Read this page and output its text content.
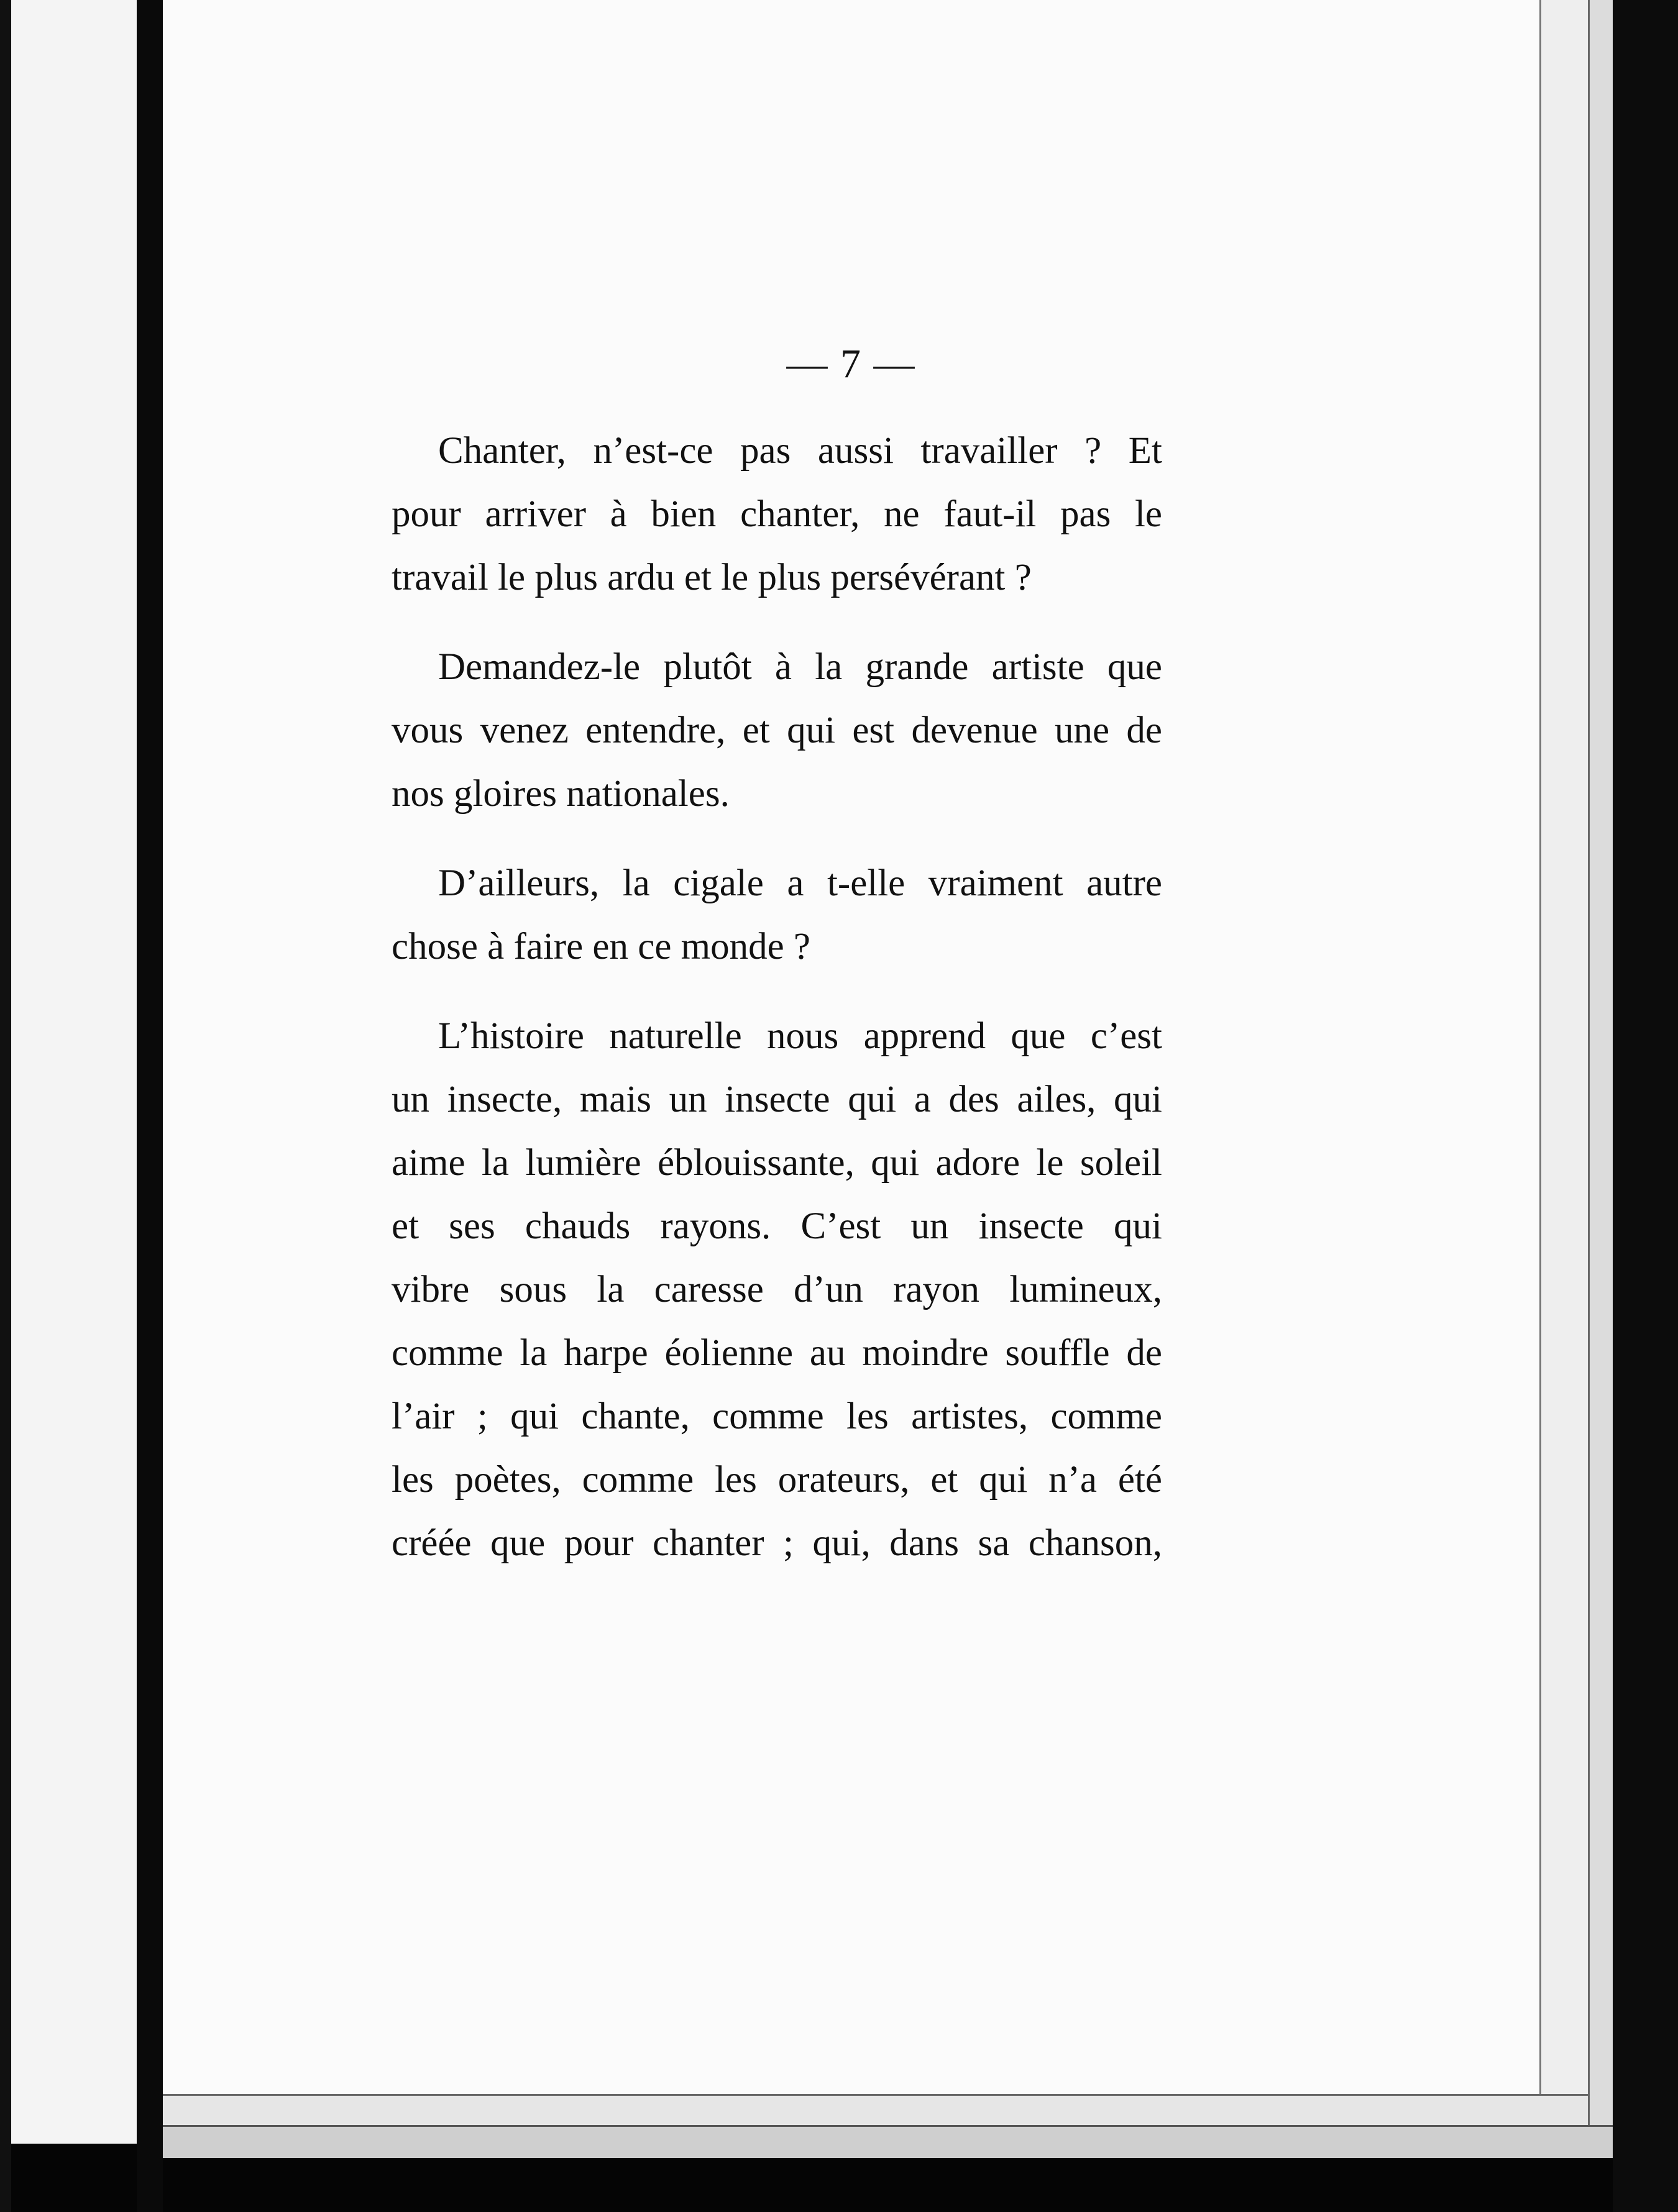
— 7 —

Chanter, n’est-ce pas aussi travailler ? Et
pour arriver à bien chanter, ne faut-il pas le
travail le plus ardu et le plus persévérant ?

Demandez-le plutôt à la grande artiste que
vous venez entendre, et qui est devenue une de
nos gloires nationales.

D’ailleurs, la cigale a t-elle vraiment autre
chose à faire en ce monde ?

L’histoire naturelle nous apprend que c’est
un insecte, mais un insecte qui a des ailes, qui
aime la lumière éblouissante, qui adore le soleil
et ses chauds rayons. C’est un insecte qui
vibre sous la caresse d’un rayon lumineux,
comme la harpe éolienne au moindre souffle de
l’air ; qui chante, comme les artistes, comme
les poètes, comme les orateurs, et qui n’a été
créée que pour chanter ; qui, dans sa chanson,
